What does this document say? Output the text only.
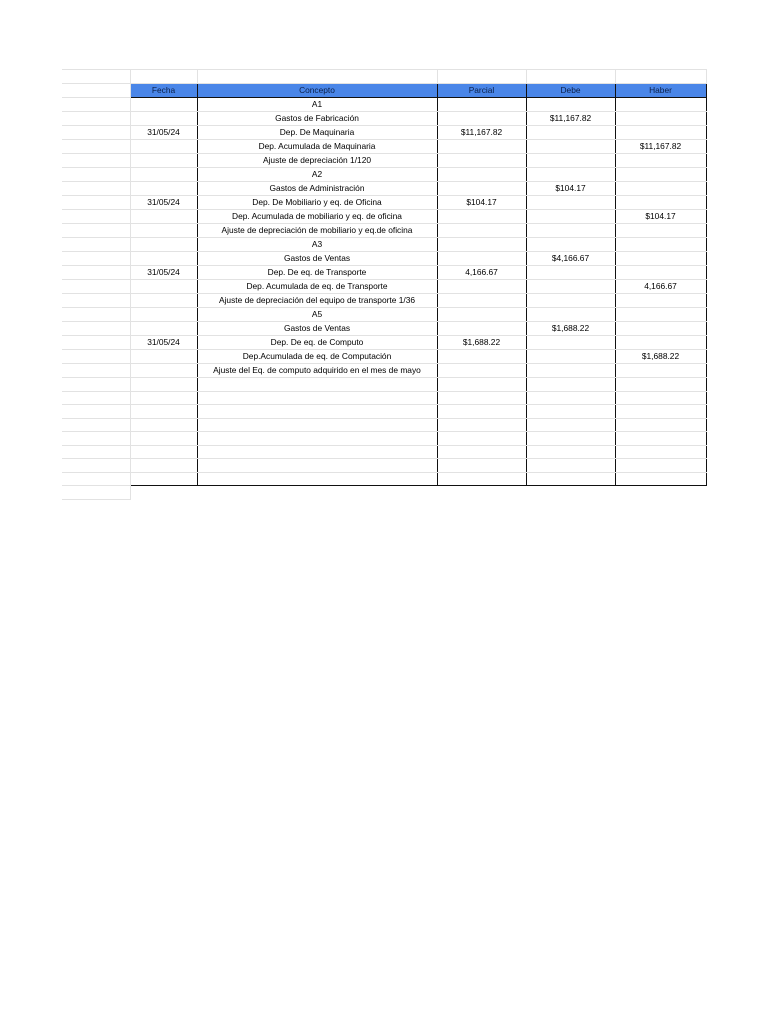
	Fecha	Concepto	Parcial	Debe	Haber
		A1			
		Gastos de Fabricación		$11,167.82	
	31/05/24	Dep. De Maquinaria	$11,167.82		
		Dep. Acumulada de Maquinaria			$11,167.82
		Ajuste de depreciación 1/120			
		A2			
		Gastos de Administración		$104.17	
	31/05/24	Dep. De Mobiliario y eq. de Oficina	$104.17		
		Dep. Acumulada de mobiliario y eq. de oficina			$104.17
		Ajuste de depreciación de mobiliario y eq.de oficina			
		A3			
		Gastos de Ventas		$4,166.67	
	31/05/24	Dep. De eq. de Transporte	4,166.67		
		Dep. Acumulada de eq. de Transporte			4,166.67
		Ajuste de depreciación del equipo de transporte 1/36			
		A5			
		Gastos de Ventas		$1,688.22	
	31/05/24	Dep. De eq. de Computo	$1,688.22		
		Dep.Acumulada de eq. de Computación			$1,688.22
		Ajuste del Eq. de computo adquirido en el mes de mayo			
